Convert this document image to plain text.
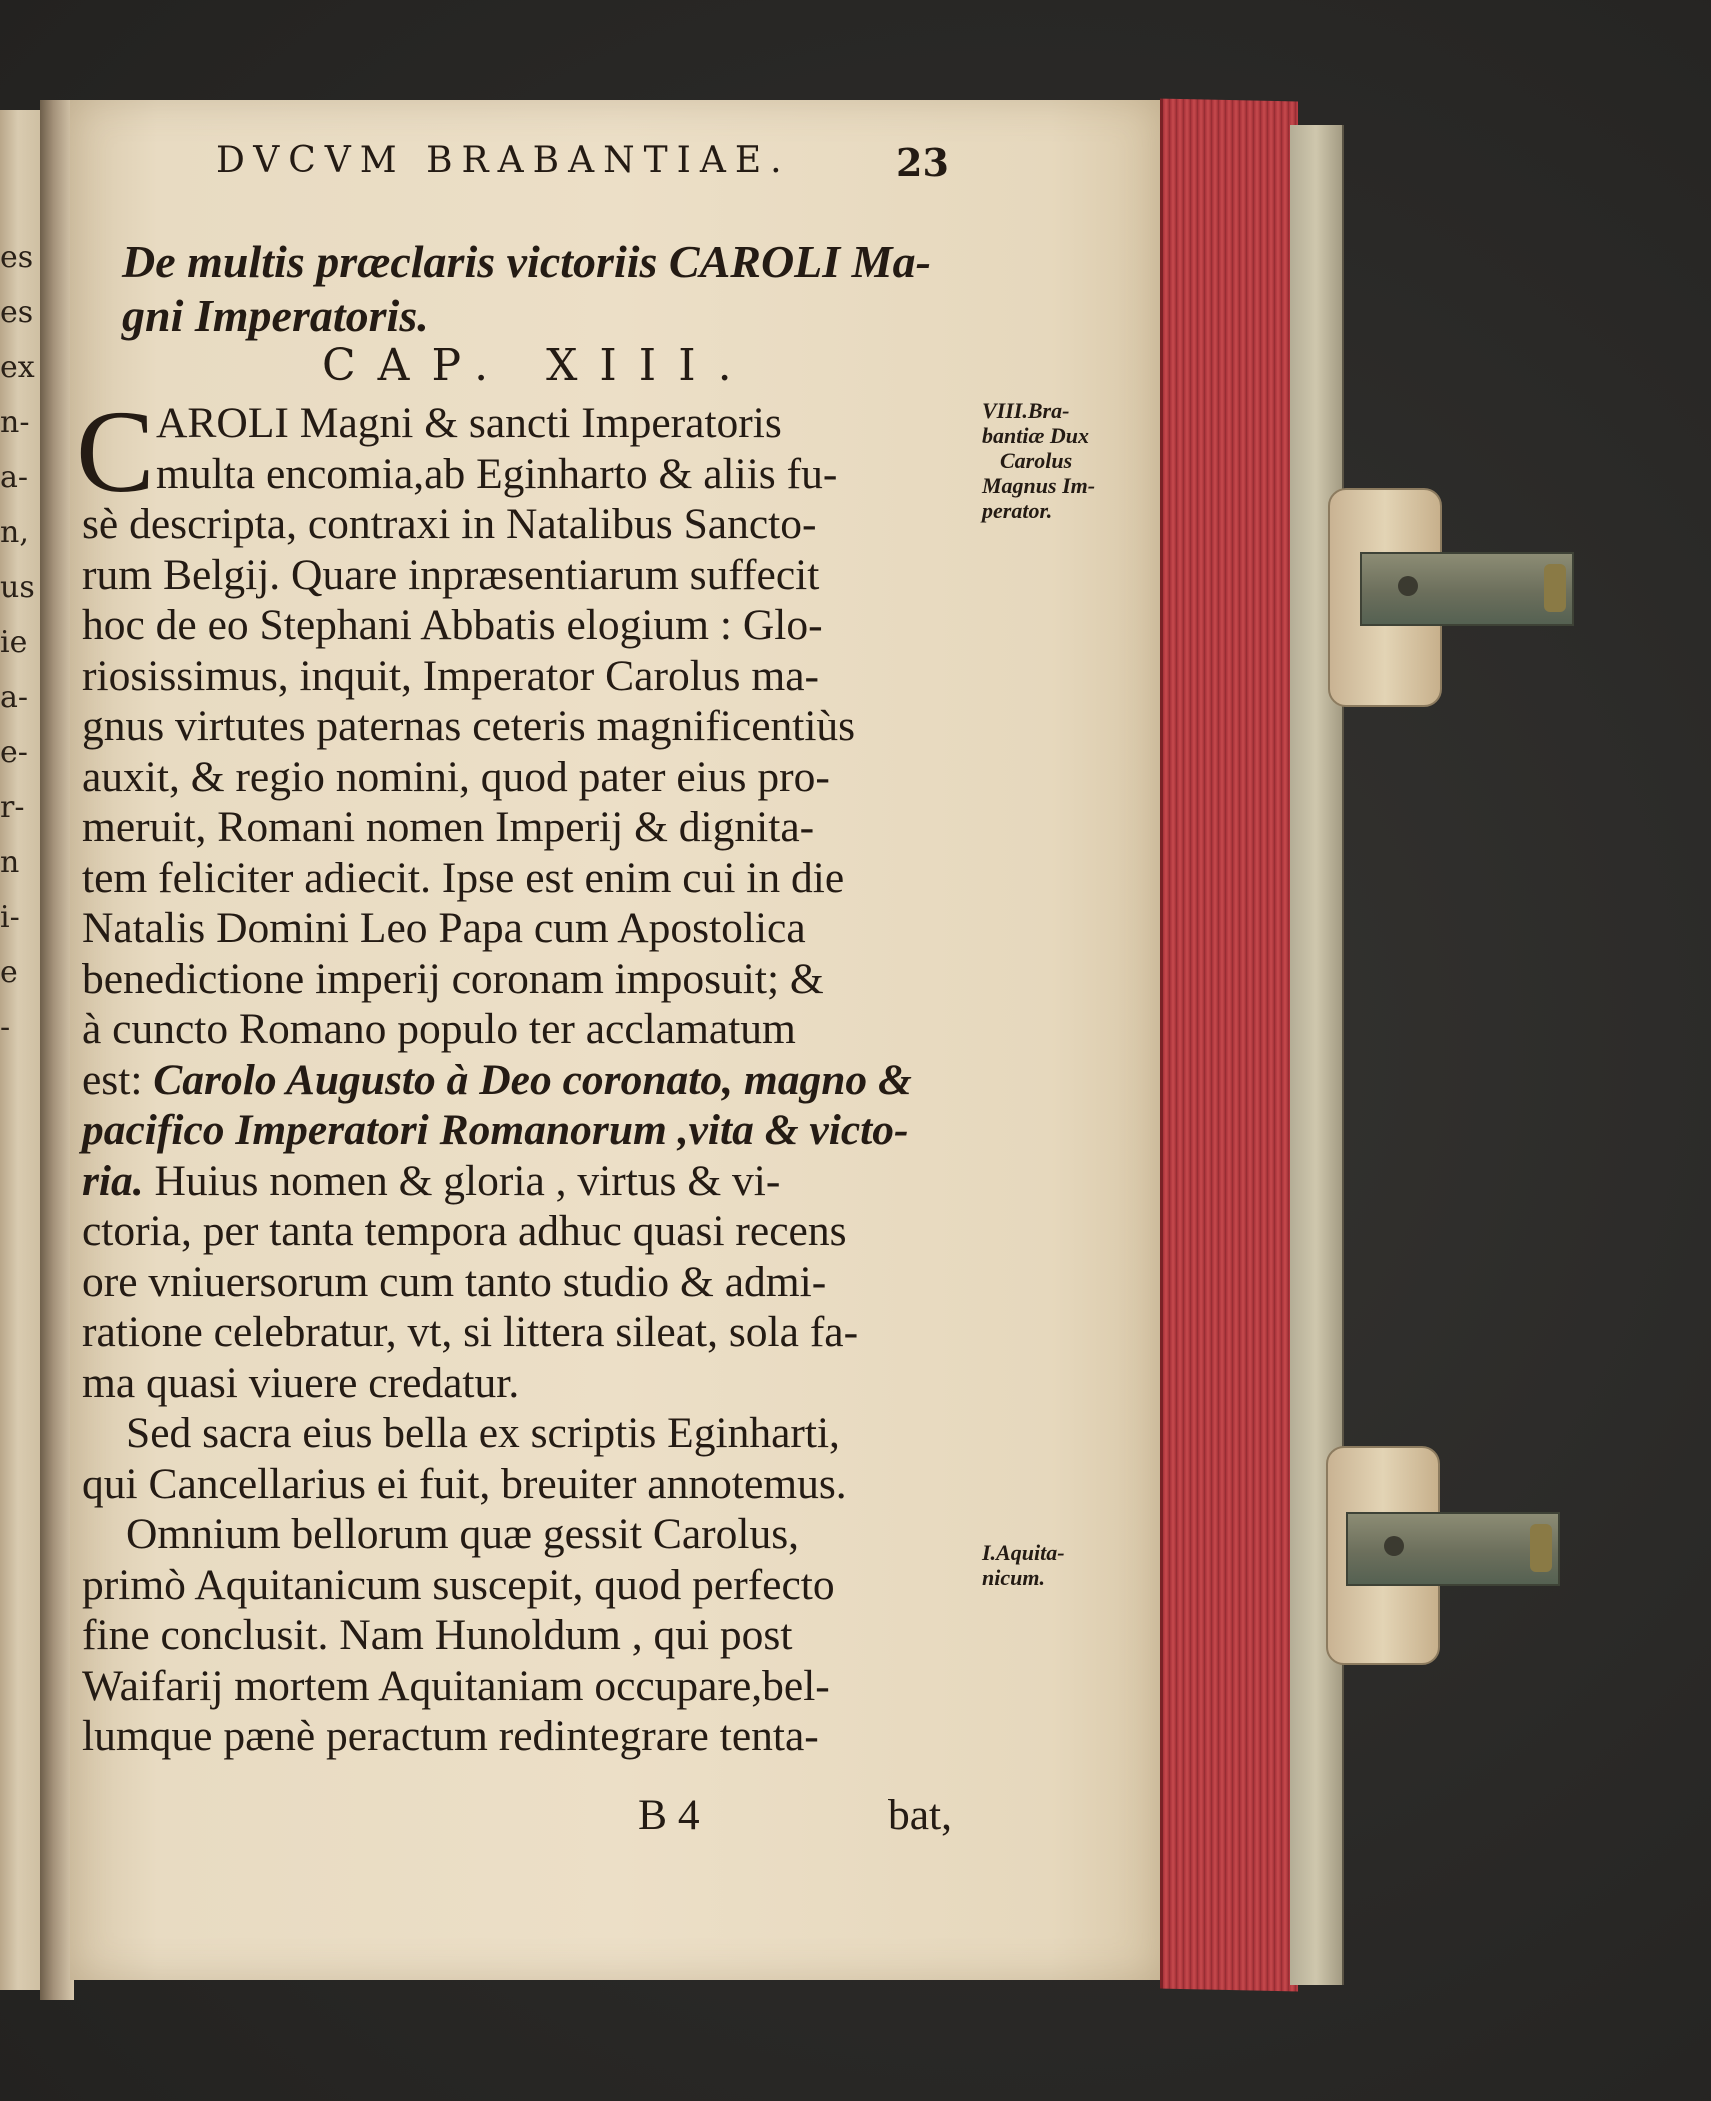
es
es
ex
n-
a-
n,
us
ie
a-
e-
r-
n
i-
e
-
DVCVM BRABANTIAE.	23
De multis præclaris victoriis CAROLI Ma-
gni Imperatoris.
CAP. XIII.
C AROLI Magni & sancti Imperatoris
multa encomia,ab Eginharto & aliis fu-
sè descripta, contraxi in Natalibus Sancto-
rum Belgij. Quare inpræsentiarum suffecit
hoc de eo Stephani Abbatis elogium : Glo-
riosissimus, inquit, Imperator Carolus ma-
gnus virtutes paternas ceteris magnificentiùs
auxit, & regio nomini, quod pater eius pro-
meruit, Romani nomen Imperij & dignita-
tem feliciter adiecit. Ipse est enim cui in die
Natalis Domini Leo Papa cum Apostolica
benedictione imperij coronam imposuit; &
à cuncto Romano populo ter acclamatum
est: Carolo Augusto à Deo coronato, magno &
pacifico Imperatori Romanorum ,vita & victo-
ria. Huius nomen & gloria , virtus & vi-
ctoria, per tanta tempora adhuc quasi recens
ore vniuersorum cum tanto studio & admi-
ratione celebratur, vt, si littera sileat, sola fa-
ma quasi viuere credatur.
Sed sacra eius bella ex scriptis Eginharti,
qui Cancellarius ei fuit, breuiter annotemus.
Omnium bellorum quæ gessit Carolus,
primò Aquitanicum suscepit, quod perfecto
fine conclusit. Nam Hunoldum , qui post
Waifarij mortem Aquitaniam occupare,bel-
lumque pænè peractum redintegrare tenta-
VIII.Bra-
bantiæ Dux
Carolus
Magnus Im-
perator.
I.Aquita-
nicum.
B 4	bat,
